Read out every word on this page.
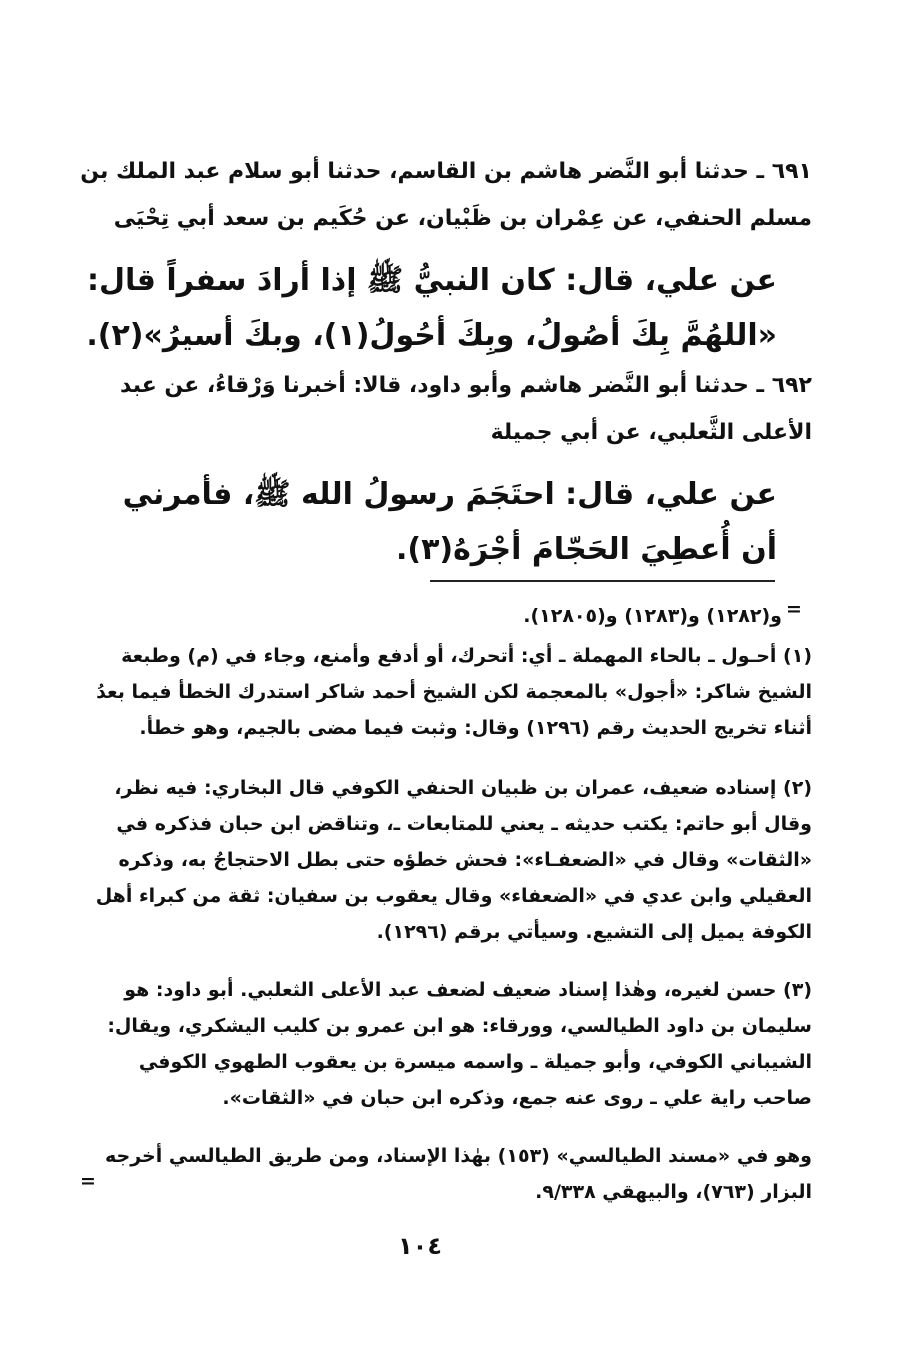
٦٩١ ـ حدثنا أبو النَّضر هاشم بن القاسم، حدثنا أبو سلام عبد الملك بن مسلم الحنفي، عن عِمْران بن ظَبْيان، عن حُكَيم بن سعد أبي تِحْيَى
عن علي، قال: كان النبيُّ ﷺ إذا أرادَ سفراً قال: «اللهُمَّ بِكَ أصُولُ، وبِكَ أحُولُ(١)، وبكَ أسيرُ»(٢).
٦٩٢ ـ حدثنا أبو النَّضر هاشم وأبو داود، قالا: أخبرنا وَرْقاءُ، عن عبد الأعلى الثَّعلبي، عن أبي جميلة
عن علي، قال: احتَجَمَ رسولُ الله ﷺ، فأمرني أن أُعطِيَ الحَجّامَ أجْرَهُ(٣).
=
و(١٢٨٢) و(١٢٨٣) و(١٢٨٠٥).
(١) أحـول ـ بالحاء المهملة ـ أي: أتحرك، أو أدفع وأمنع، وجاء في (م) وطبعة الشيخ شاكر: «أجول» بالمعجمة لكن الشيخ أحمد شاكر استدرك الخطأ فيما بعدُ أثناء تخريج الحديث رقم (١٢٩٦) وقال: وثبت فيما مضى بالجيم، وهو خطأ.
(٢) إسناده ضعيف، عمران بن ظبيان الحنفي الكوفي قال البخاري: فيه نظر، وقال أبو حاتم: يكتب حديثه ـ يعني للمتابعات ـ، وتناقض ابن حبان فذكره في «الثقات» وقال في «الضعفـاء»: فحش خطؤه حتى بطل الاحتجاجُ به، وذكره العقيلي وابن عدي في «الضعفاء» وقال يعقوب بن سفيان: ثقة من كبراء أهل الكوفة يميل إلى التشيع. وسيأتي برقم (١٢٩٦).
(٣) حسن لغيره، وهٰذا إسناد ضعيف لضعف عبد الأعلى الثعلبي. أبو داود: هو سليمان بن داود الطيالسي، وورقاء: هو ابن عمرو بن كليب اليشكري، ويقال: الشيباني الكوفي، وأبو جميلة ـ واسمه ميسرة بن يعقوب الطهوي الكوفي صاحب راية علي ـ روى عنه جمع، وذكره ابن حبان في «الثقات».
وهو في «مسند الطيالسي» (١٥٣) بهٰذا الإسناد، ومن طريق الطيالسي أخرجه البزار (٧٦٣)، والبيهقي ٩/٣٣٨.
=
١٠٤
